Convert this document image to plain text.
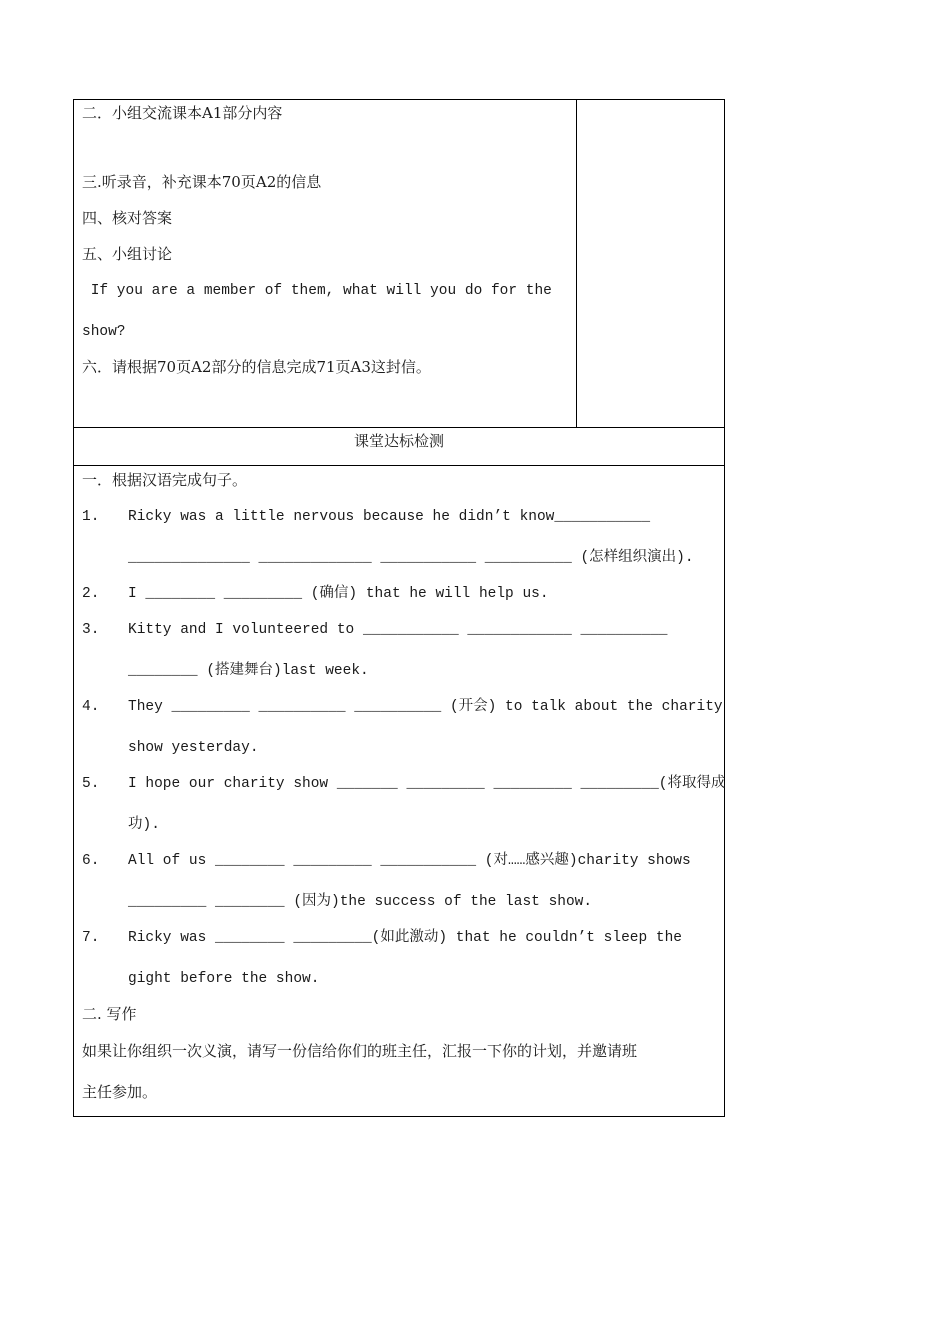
二．小组交流课本A1部分内容
三.听录音，补充课本70页A2的信息
四、核对答案
五、小组讨论
If you are a member of them, what will you do for the
show?
六．请根据70页A2部分的信息完成71页A3这封信。
课堂达标检测
一．根据汉语完成句子。
1. Ricky was a little nervous because he didn’t know___________
______________ _____________ ___________ __________ (怎样组织演出).
2. I ________ _________ (确信) that he will help us.
3. Kitty and I volunteered to ___________ ____________ __________
________ (搭建舞台)last week.
4. They _________ __________ __________ (开会) to talk about the charity
show yesterday.
5. I hope our charity show _______ _________ _________ _________(将取得成
功).
6. All of us ________ _________ ___________ (对……感兴趣)charity shows
_________ ________ (因为)the success of the last show.
7. Ricky was ________ _________(如此激动) that he couldn’t sleep the
gight before the show.
二. 写作
如果让你组织一次义演，请写一份信给你们的班主任，汇报一下你的计划，并邀请班
主任参加。
